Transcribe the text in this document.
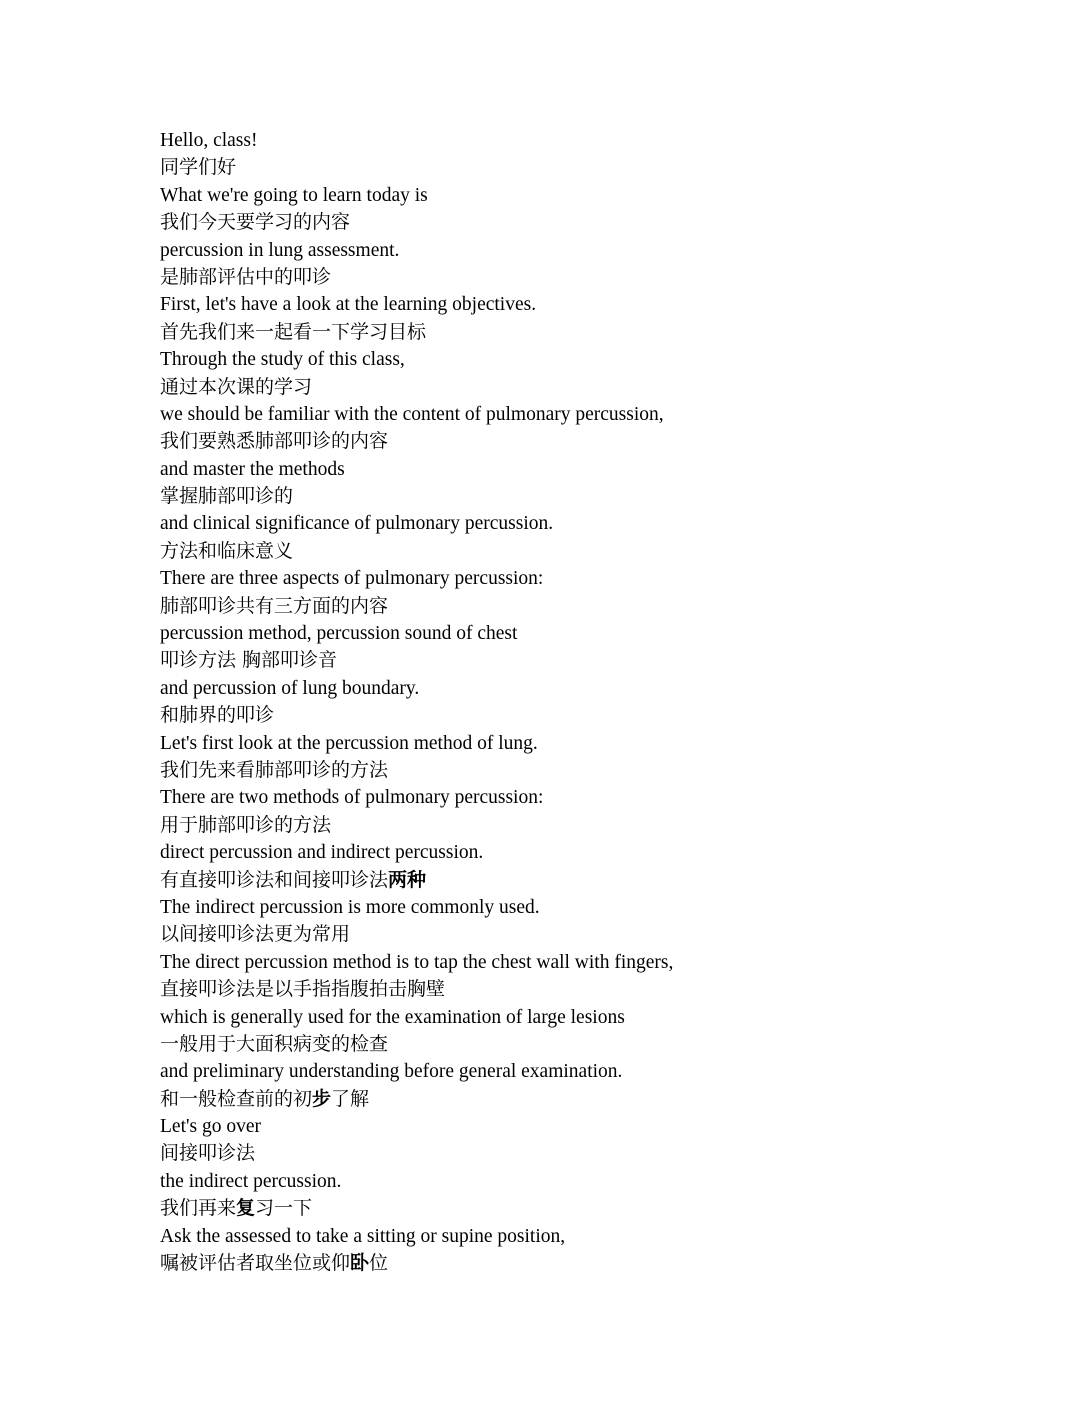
Hello, class!
同学们好
What we're going to learn today is
我们今天要学习的内容
percussion in lung assessment.
是肺部评估中的叩诊
First, let's have a look at the learning objectives.
首先我们来一起看一下学习目标
Through the study of this class,
通过本次课的学习
we should be familiar with the content of pulmonary percussion,
我们要熟悉肺部叩诊的内容
and master the methods
掌握肺部叩诊的
and clinical significance of pulmonary percussion.
方法和临床意义
There are three aspects of pulmonary percussion:
肺部叩诊共有三方面的内容
percussion method, percussion sound of chest
叩诊方法 胸部叩诊音
and percussion of lung boundary.
和肺界的叩诊
Let's first look at the percussion method of lung.
我们先来看肺部叩诊的方法
There are two methods of pulmonary percussion:
用于肺部叩诊的方法
direct percussion and indirect percussion.
有直接叩诊法和间接叩诊法两种
The indirect percussion is more commonly used.
以间接叩诊法更为常用
The direct percussion method is to tap the chest wall with fingers,
直接叩诊法是以手指指腹拍击胸壁
which is generally used for the examination of large lesions
一般用于大面积病变的检查
and preliminary understanding before general examination.
和一般检查前的初步了解
Let's go over
间接叩诊法
the indirect percussion.
我们再来复习一下
Ask the assessed to take a sitting or supine position,
嘱被评估者取坐位或仰卧位
